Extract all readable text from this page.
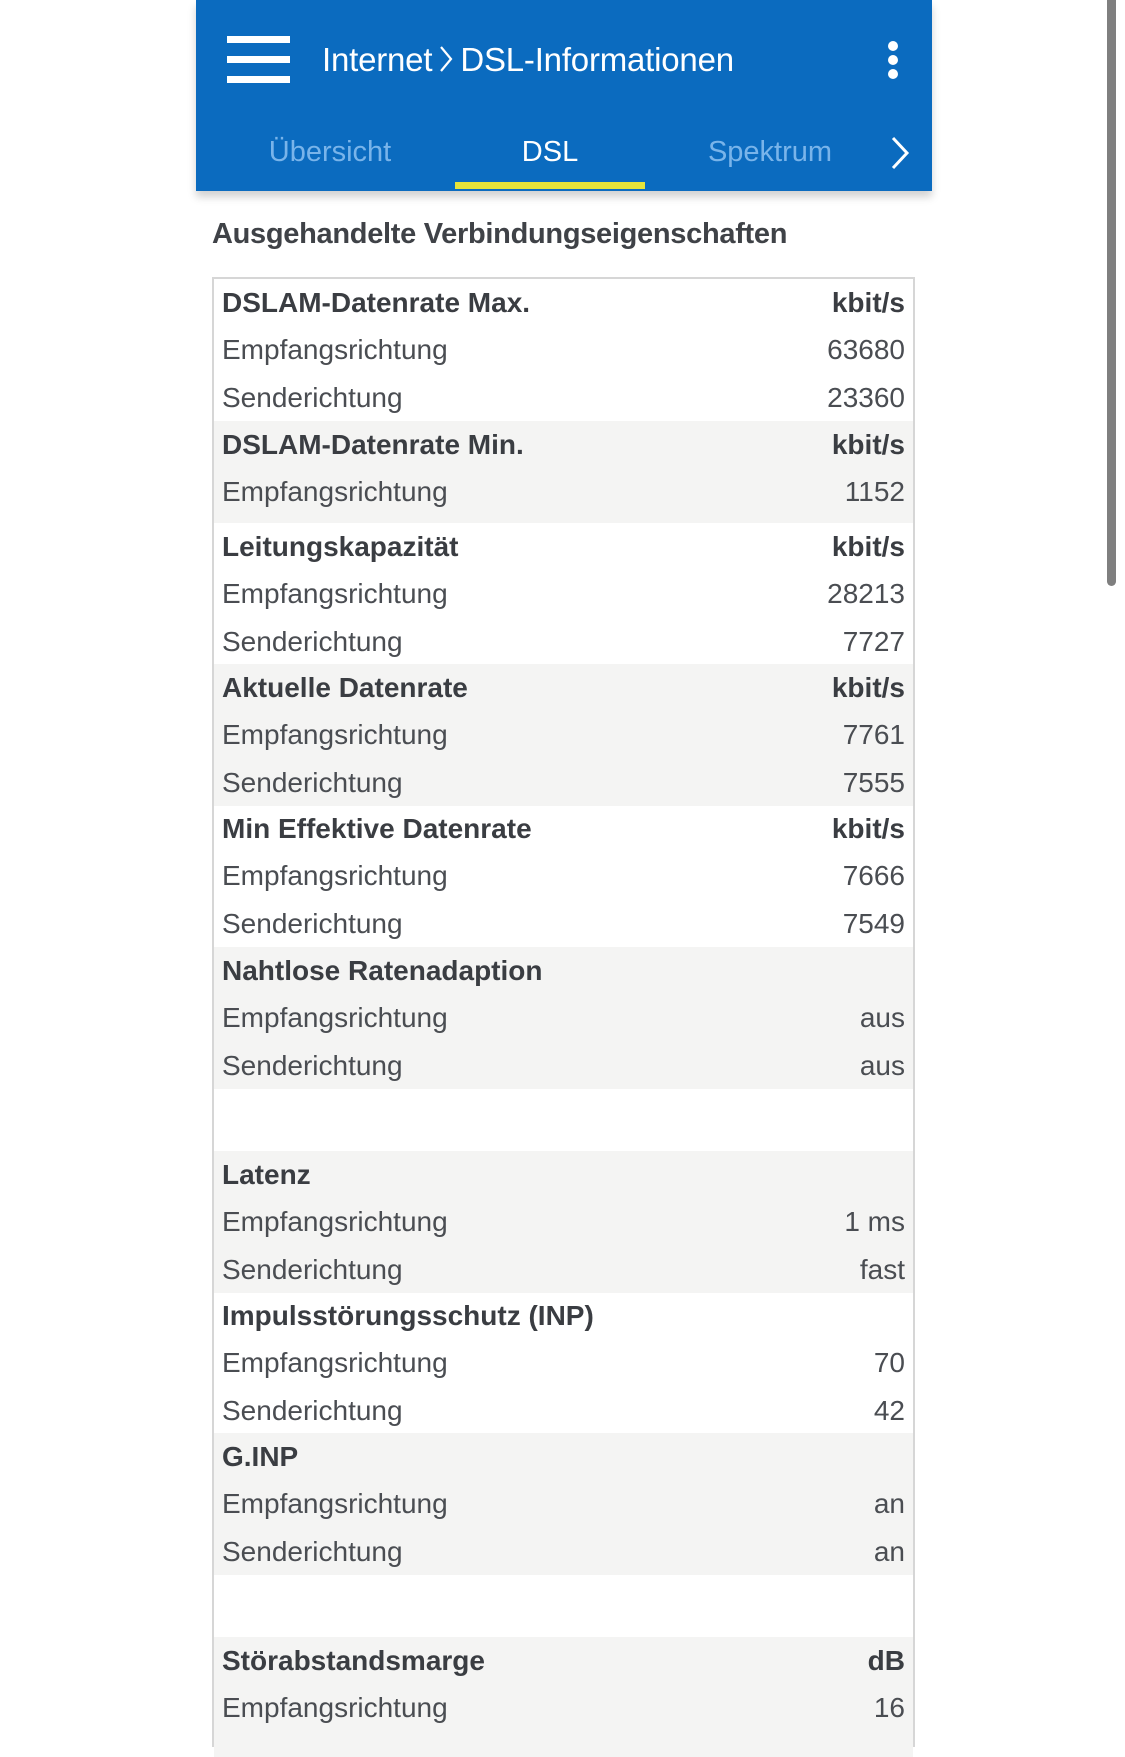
Internet DSL-Informationen
Übersicht	DSL	Spektrum
Ausgehandelte Verbindungseigenschaften
DSLAM-Datenrate Max.	kbit/s
Empfangsrichtung	63680
Senderichtung	23360
DSLAM-Datenrate Min.	kbit/s
Empfangsrichtung	1152
Leitungskapazität	kbit/s
Empfangsrichtung	28213
Senderichtung	7727
Aktuelle Datenrate	kbit/s
Empfangsrichtung	7761
Senderichtung	7555
Min Effektive Datenrate	kbit/s
Empfangsrichtung	7666
Senderichtung	7549
Nahtlose Ratenadaption
Empfangsrichtung	aus
Senderichtung	aus
Latenz
Empfangsrichtung	1 ms
Senderichtung	fast
Impulsstörungsschutz (INP)
Empfangsrichtung	70
Senderichtung	42
G.INP
Empfangsrichtung	an
Senderichtung	an
Störabstandsmarge	dB
Empfangsrichtung	16
